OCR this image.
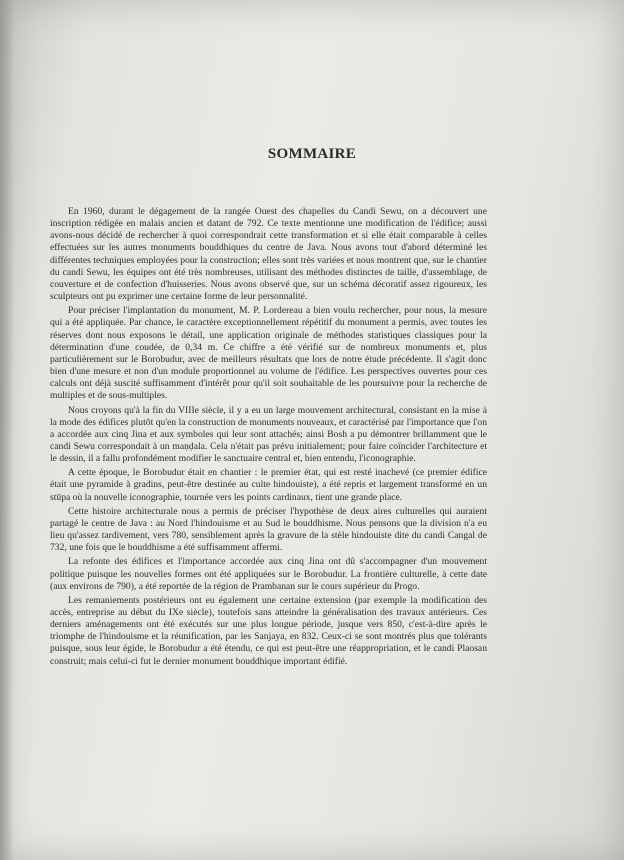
SOMMAIRE

En 1960, durant le dégagement de la rangée Ouest des chapelles du Candi Sewu, on a découvert une inscription rédigée en malais ancien et datant de 792. Ce texte mentionne une modification de l'édifice; aussi avons-nous décidé de rechercher à quoi correspondrait cette transformation et si elle était comparable à celles effectuées sur les autres monuments bouddhiques du centre de Java. Nous avons tout d'abord déterminé les différentes techniques employées pour la construction; elles sont très variées et nous montrent que, sur le chantier du candi Sewu, les équipes ont été très nombreuses, utilisant des méthodes distinctes de taille, d'assemblage, de couverture et de confection d'huisseries. Nous avons observé que, sur un schéma décoratif assez rigoureux, les sculpteurs ont pu exprimer une certaine forme de leur personnalité.

Pour préciser l'implantation du monument, M. P. Lordereau a bien voulu rechercher, pour nous, la mesure qui a été appliquée. Par chance, le caractère exceptionnellement répétitif du monument a permis, avec toutes les réserves dont nous exposons le détail, une application originale de méthodes statistiques classiques pour la détermination d'une coudée, de 0,34 m. Ce chiffre a été vérifié sur de nombreux monuments et, plus particulièrement sur le Borobudur, avec de meilleurs résultats que lors de notre étude précédente. Il s'agit donc bien d'une mesure et non d'un module proportionnel au volume de l'édifice. Les perspectives ouvertes pour ces calculs ont déjà suscité suffisamment d'intérêt pour qu'il soit souhaitable de les poursuivre pour la recherche de multiples et de sous-multiples.

Nous croyons qu'à la fin du VIIIe siècle, il y a eu un large mouvement architectural, consistant en la mise à la mode des édifices plutôt qu'en la construction de monuments nouveaux, et caractérisé par l'importance que l'on a accordée aux cinq Jina et aux symboles qui leur sont attachés; ainsi Bosh a pu démontrer brillamment que le candi Sewu correspondait à un maṇḍala. Cela n'était pas prévu initialement; pour faire coïncider l'architecture et le dessin, il a fallu profondément modifier le sanctuaire central et, bien entendu, l'iconographie.

A cette époque, le Borobudur était en chantier : le premier état, qui est resté inachevé (ce premier édifice était une pyramide à gradins, peut-être destinée au culte hindouiste), a été repris et largement transformé en un stūpa où la nouvelle iconographie, tournée vers les points cardinaux, tient une grande place.

Cette histoire architecturale nous a permis de préciser l'hypothèse de deux aires culturelles qui auraient partagé le centre de Java : au Nord l'hindouisme et au Sud le bouddhisme. Nous pensons que la division n'a eu lieu qu'assez tardivement, vers 780, sensiblement après la gravure de la stèle hindouiste dite du candi Cangal de 732, une fois que le bouddhisme a été suffisamment affermi.

La refonte des édifices et l'importance accordée aux cinq Jina ont dû s'accompagner d'un mouvement politique puisque les nouvelles formes ont été appliquées sur le Borobudur. La frontière culturelle, à cette date (aux environs de 790), a été reportée de la région de Prambanan sur le cours supérieur du Progo.

Les remaniements postérieurs ont eu également une certaine extension (par exemple la modification des accès, entreprise au début du IXe siècle), toutefois sans atteindre la généralisation des travaux antérieurs. Ces derniers aménagements ont été exécutés sur une plus longue période, jusque vers 850, c'est-à-dire après le triomphe de l'hindouisme et la réunification, par les Sanjaya, en 832. Ceux-ci se sont montrés plus que tolérants puisque, sous leur égide, le Borobudur a été étendu, ce qui est peut-être une réappropriation, et le candi Plaosan construit; mais celui-ci fut le dernier monument bouddhique important édifié.
